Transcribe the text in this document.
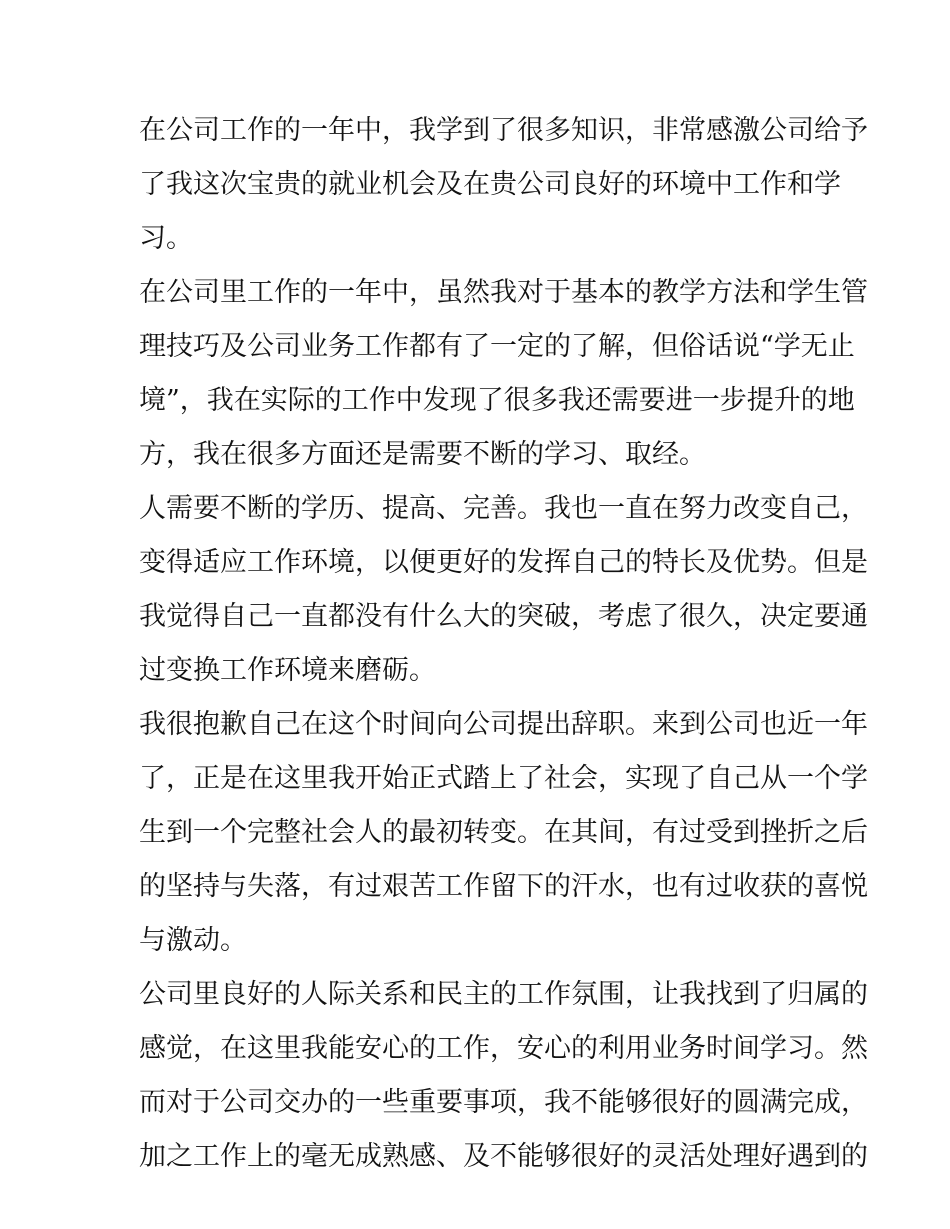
在公司工作的一年中，我学到了很多知识，非常感激公司给予
了我这次宝贵的就业机会及在贵公司良好的环境中工作和学
习。
在公司里工作的一年中，虽然我对于基本的教学方法和学生管
理技巧及公司业务工作都有了一定的了解，但俗话说“学无止
境”，我在实际的工作中发现了很多我还需要进一步提升的地
方，我在很多方面还是需要不断的学习、取经。
人需要不断的学历、提高、完善。我也一直在努力改变自己，
变得适应工作环境，以便更好的发挥自己的特长及优势。但是
我觉得自己一直都没有什么大的突破，考虑了很久，决定要通
过变换工作环境来磨砺。
我很抱歉自己在这个时间向公司提出辞职。来到公司也近一年
了，正是在这里我开始正式踏上了社会，实现了自己从一个学
生到一个完整社会人的最初转变。在其间，有过受到挫折之后
的坚持与失落，有过艰苦工作留下的汗水，也有过收获的喜悦
与激动。
公司里良好的人际关系和民主的工作氛围，让我找到了归属的
感觉，在这里我能安心的工作，安心的利用业务时间学习。然
而对于公司交办的一些重要事项，我不能够很好的圆满完成，
加之工作上的毫无成熟感、及不能够很好的灵活处理好遇到的
